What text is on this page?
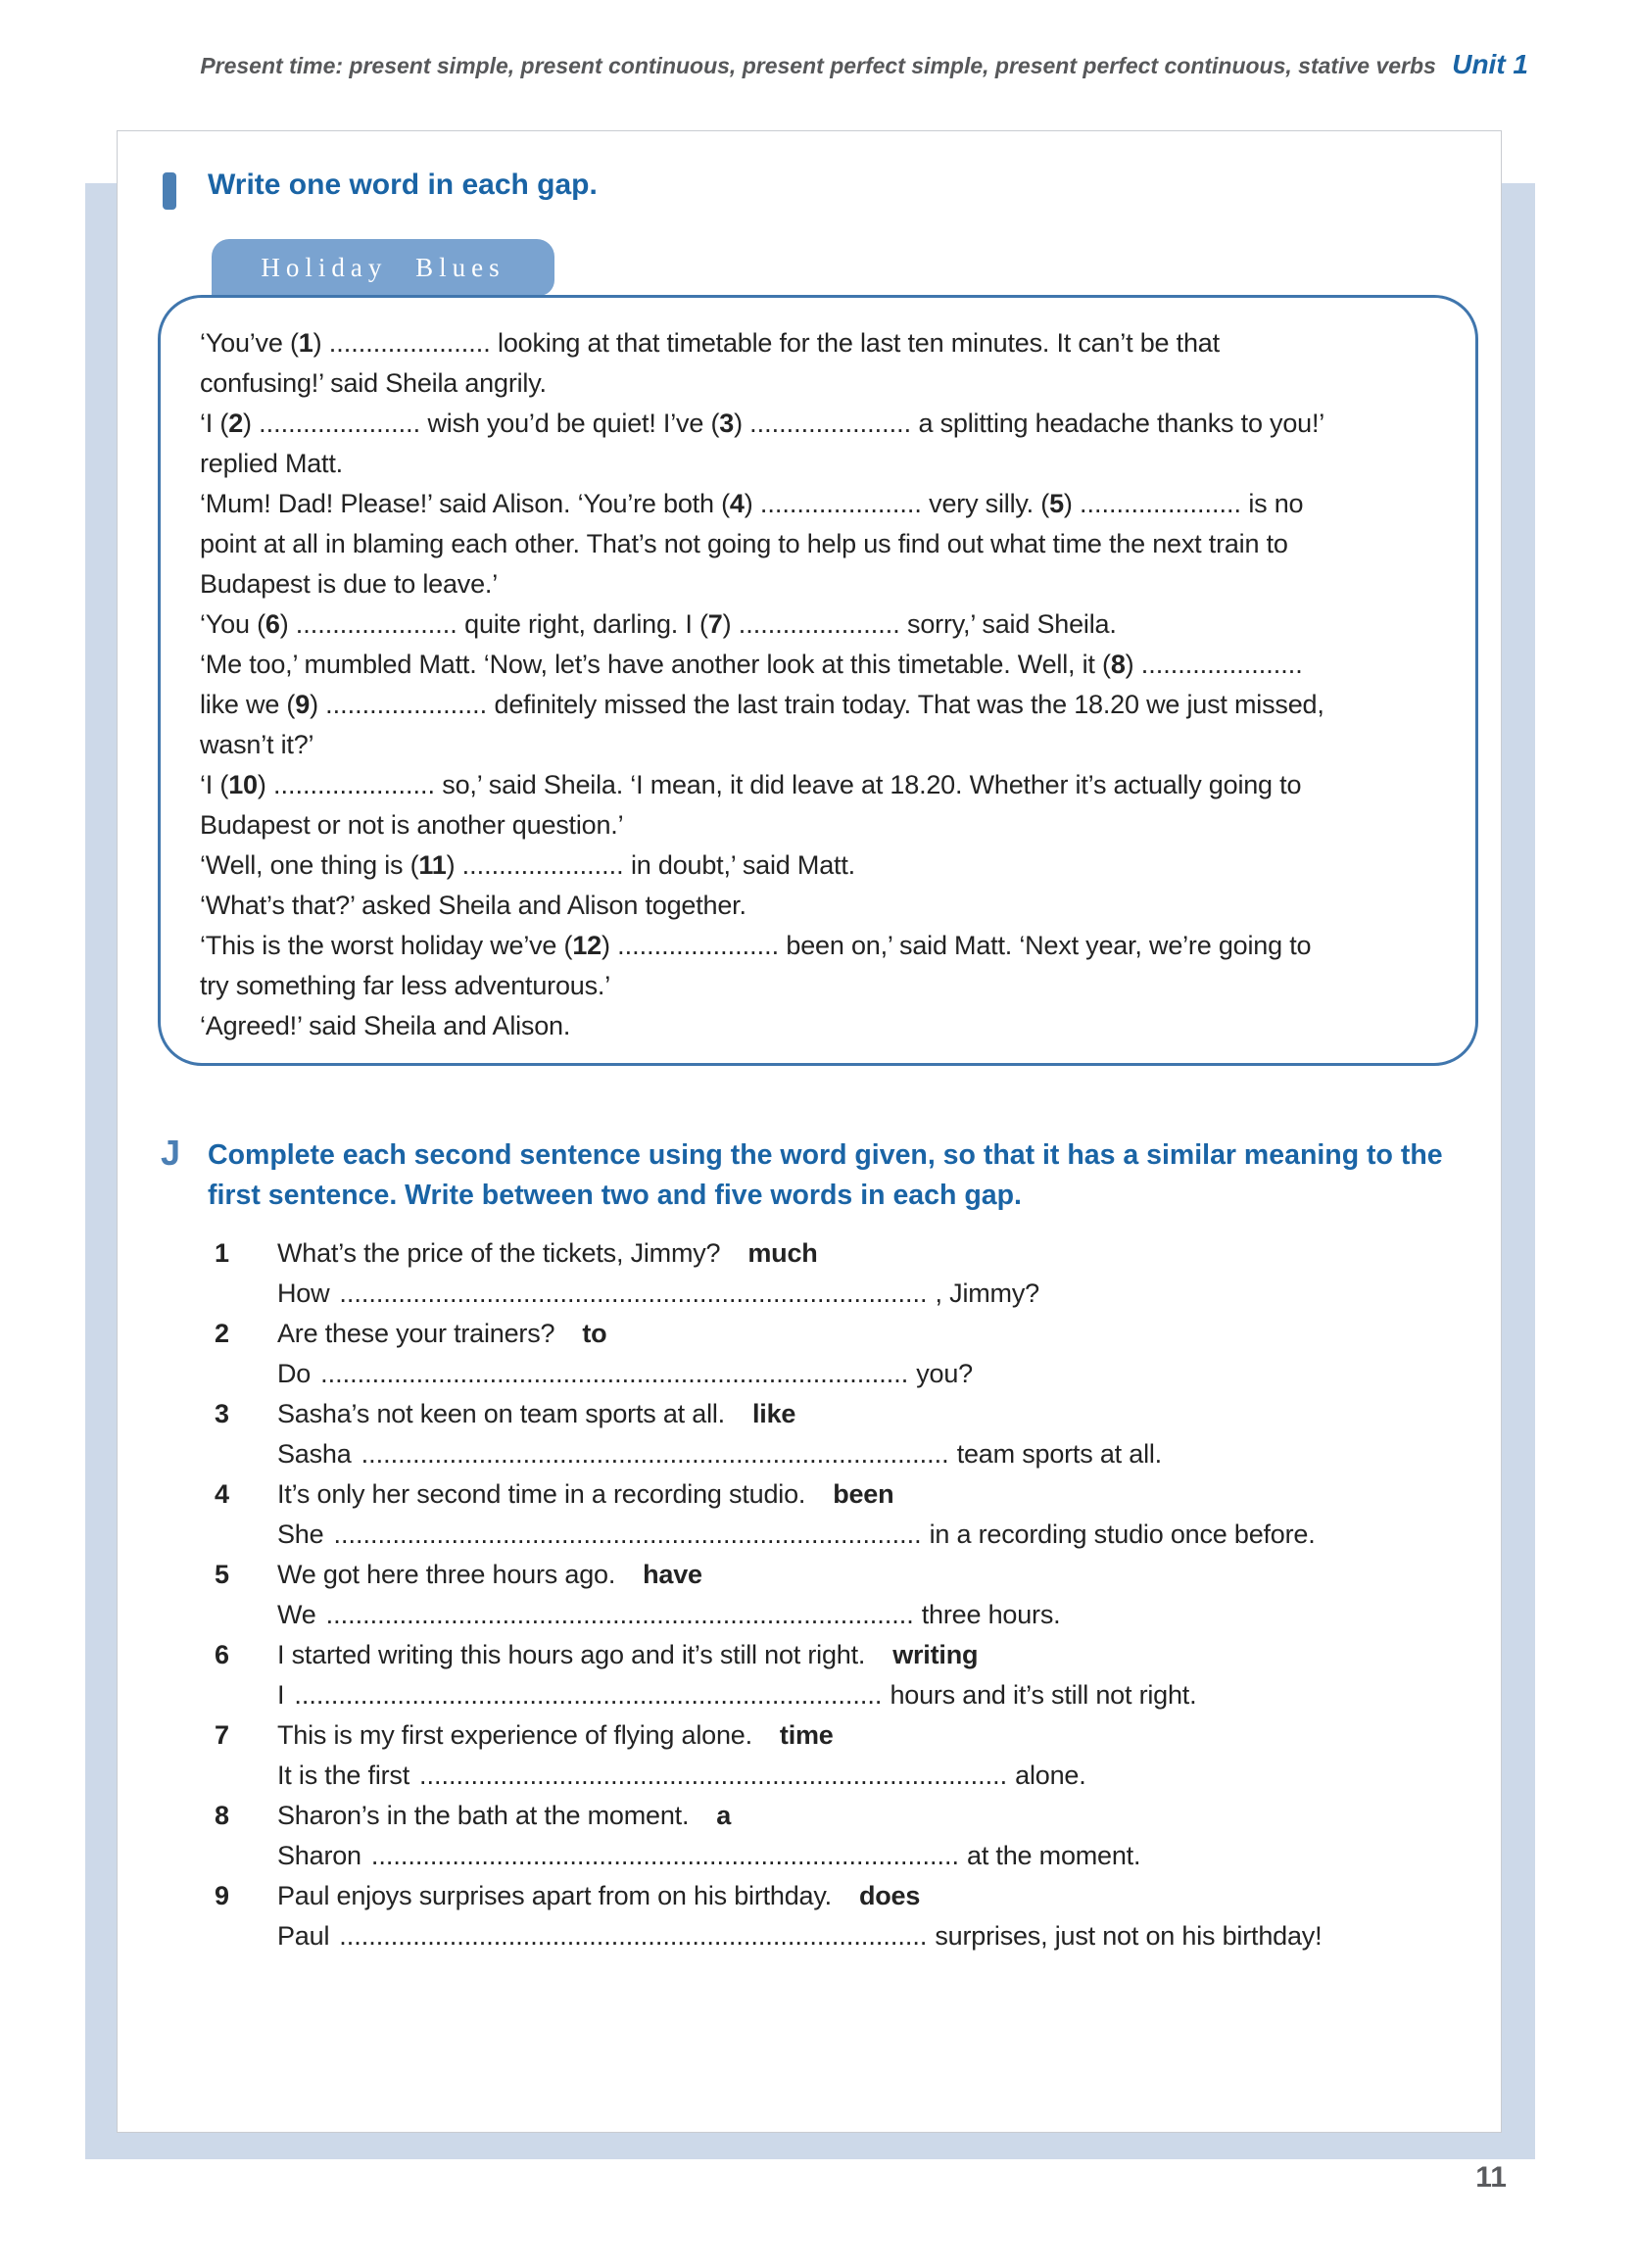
Present time: present simple, present continuous, present perfect simple, present perfect continuous, stative verbs Unit 1
Write one word in each gap.
Holiday Blues
‘You’ve (1) ...................... looking at that timetable for the last ten minutes. It can’t be that
confusing!’ said Sheila angrily.
‘I (2) ...................... wish you’d be quiet! I’ve (3) ...................... a splitting headache thanks to you!’
replied Matt.
‘Mum! Dad! Please!’ said Alison. ‘You’re both (4) ...................... very silly. (5) ...................... is no
point at all in blaming each other. That’s not going to help us find out what time the next train to
Budapest is due to leave.’
‘You (6) ...................... quite right, darling. I (7) ...................... sorry,’ said Sheila.
‘Me too,’ mumbled Matt. ‘Now, let’s have another look at this timetable. Well, it (8) ......................
like we (9) ...................... definitely missed the last train today. That was the 18.20 we just missed,
wasn’t it?’
‘I (10) ...................... so,’ said Sheila. ‘I mean, it did leave at 18.20. Whether it’s actually going to
Budapest or not is another question.’
‘Well, one thing is (11) ...................... in doubt,’ said Matt.
‘What’s that?’ asked Sheila and Alison together.
‘This is the worst holiday we’ve (12) ...................... been on,’ said Matt. ‘Next year, we’re going to
try something far less adventurous.’
‘Agreed!’ said Sheila and Alison.
J Complete each second sentence using the word given, so that it has a similar meaning to the first sentence. Write between two and five words in each gap.
1 What’s the price of the tickets, Jimmy? much
How ................................................................................ , Jimmy?
2 Are these your trainers? to
Do ................................................................................ you?
3 Sasha’s not keen on team sports at all. like
Sasha ................................................................................ team sports at all.
4 It’s only her second time in a recording studio. been
She ................................................................................ in a recording studio once before.
5 We got here three hours ago. have
We ................................................................................ three hours.
6 I started writing this hours ago and it’s still not right. writing
I ................................................................................ hours and it’s still not right.
7 This is my first experience of flying alone. time
It is the first ................................................................................ alone.
8 Sharon’s in the bath at the moment. a
Sharon ................................................................................ at the moment.
9 Paul enjoys surprises apart from on his birthday. does
Paul ................................................................................ surprises, just not on his birthday!
11
